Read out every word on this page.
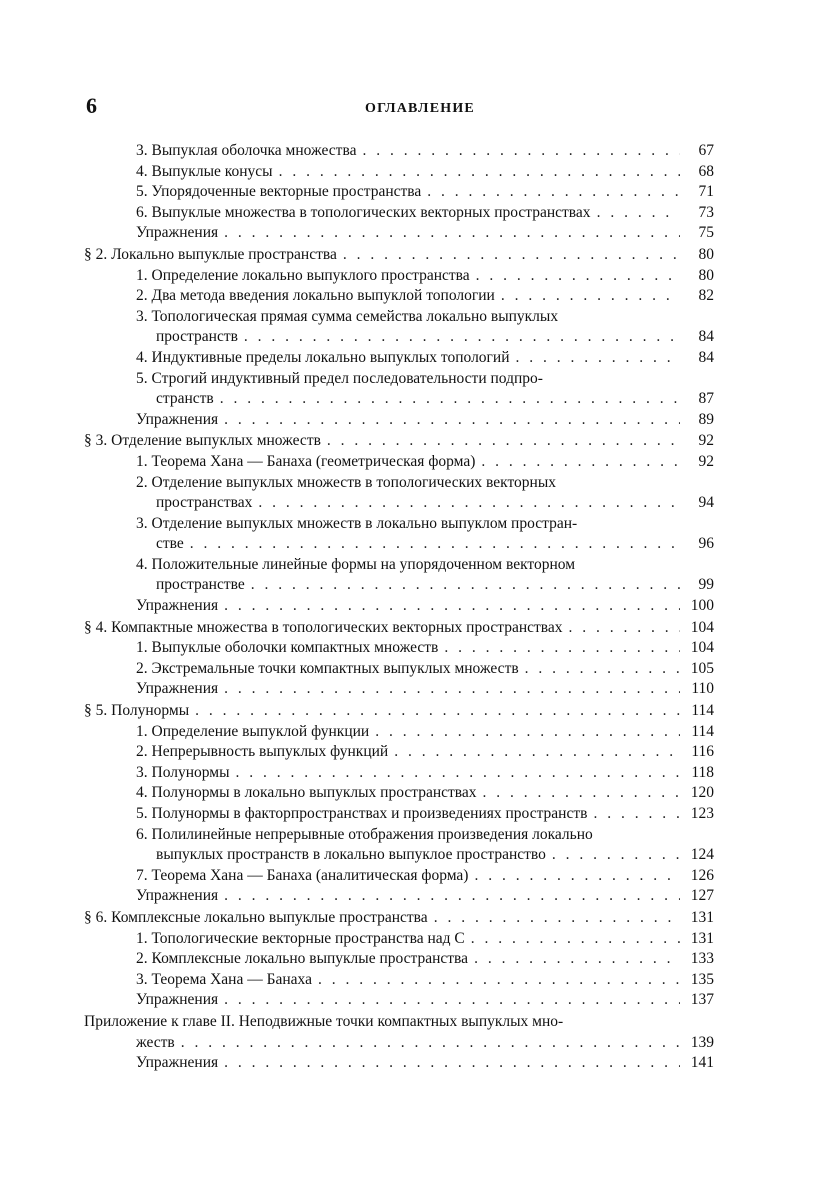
6	ОГЛАВЛЕНИЕ
3. Выпуклая оболочка множества . . .	67
4. Выпуклые конусы . . .	68
5. Упорядоченные векторные пространства . . .	71
6. Выпуклые множества в топологических векторных пространствах . . .	73
Упражнения . . .	75
§ 2. Локально выпуклые пространства . . .	80
1. Определение локально выпуклого пространства . . .	80
2. Два метода введения локально выпуклой топологии . . .	82
3. Топологическая прямая сумма семейства локально выпуклых
пространств . . .	84
4. Индуктивные пределы локально выпуклых топологий . . .	84
5. Строгий индуктивный предел последовательности подпро-
странств . . .	87
Упражнения . . .	89
§ 3. Отделение выпуклых множеств . . .	92
1. Теорема Хана — Банаха (геометрическая форма) . . .	92
2. Отделение выпуклых множеств в топологических векторных
пространствах . . .	94
3. Отделение выпуклых множеств в локально выпуклом простран-
стве . . .	96
4. Положительные линейные формы на упорядоченном векторном
пространстве . . .	99
Упражнения . . .	100
§ 4. Компактные множества в топологических векторных пространствах . . .	104
1. Выпуклые оболочки компактных множеств . . .	104
2. Экстремальные точки компактных выпуклых множеств . . .	105
Упражнения . . .	110
§ 5. Полунормы . . .	114
1. Определение выпуклой функции . . .	114
2. Непрерывность выпуклых функций . . .	116
3. Полунормы . . .	118
4. Полунормы в локально выпуклых пространствах . . .	120
5. Полунормы в факторпространствах и произведениях пространств . . .	123
6. Полилинейные непрерывные отображения произведения локально
выпуклых пространств в локально выпуклое пространство . . .	124
7. Теорема Хана — Банаха (аналитическая форма) . . .	126
Упражнения . . .	127
§ 6. Комплексные локально выпуклые пространства . . .	131
1. Топологические векторные пространства над C . . .	131
2. Комплексные локально выпуклые пространства . . .	133
3. Теорема Хана — Банаха . . .	135
Упражнения . . .	137
Приложение к главе II. Неподвижные точки компактных выпуклых мно-
жеств . . .	139
Упражнения . . .	141
